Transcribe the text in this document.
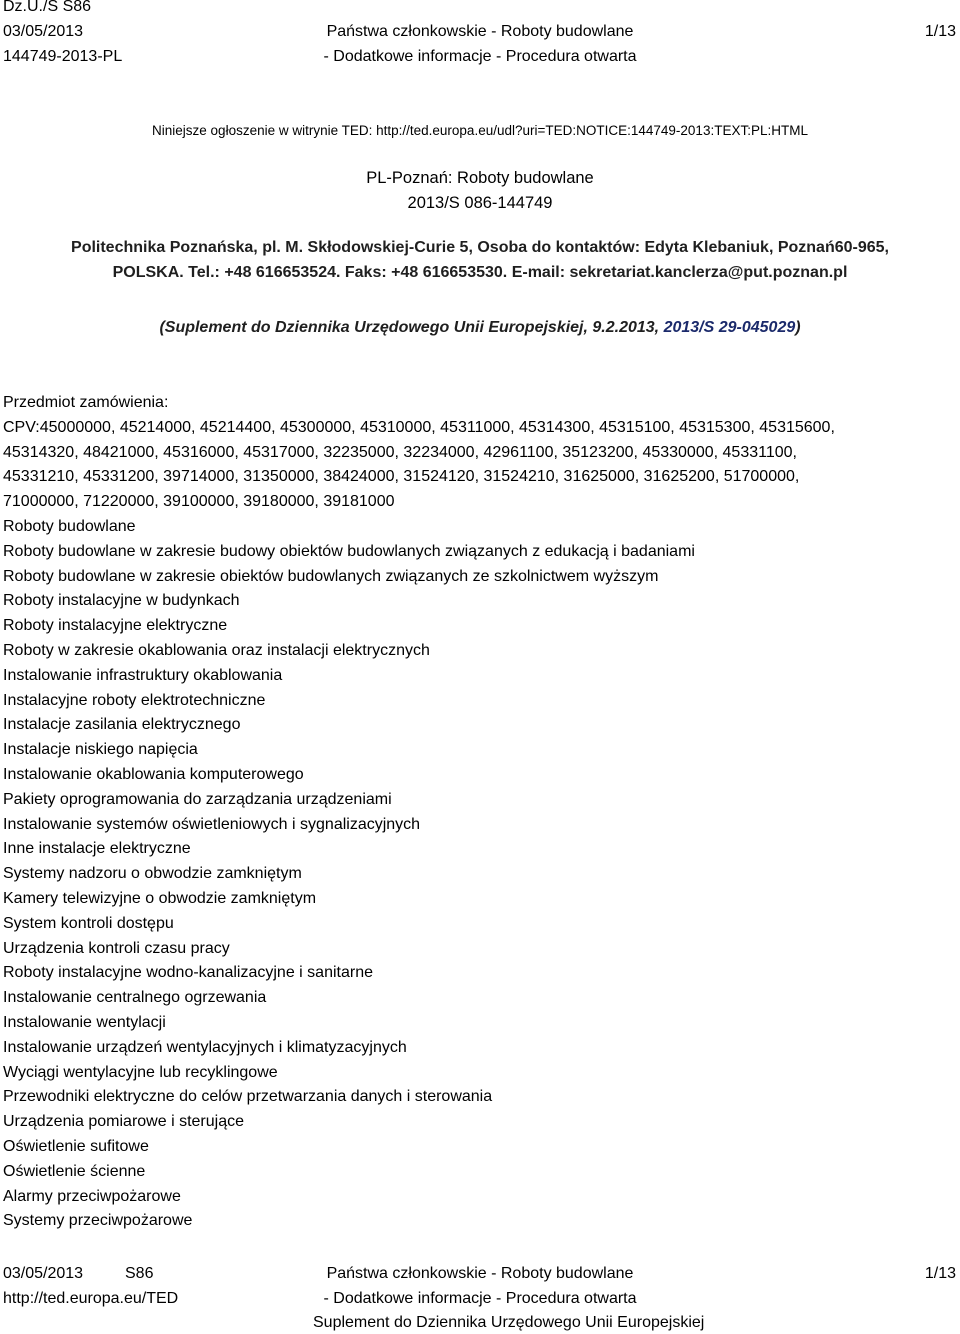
Dz.U./S S86
03/05/2013
144749-2013-PL
Państwa członkowskie - Roboty budowlane
- Dodatkowe informacje - Procedura otwarta
1/13
Niniejsze ogłoszenie w witrynie TED: http://ted.europa.eu/udl?uri=TED:NOTICE:144749-2013:TEXT:PL:HTML
PL-Poznań: Roboty budowlane
2013/S 086-144749
Politechnika Poznańska, pl. M. Skłodowskiej-Curie 5, Osoba do kontaktów: Edyta Klebaniuk, Poznań60-965,
POLSKA. Tel.: +48 616653524. Faks: +48 616653530. E-mail: sekretariat.kanclerza@put.poznan.pl
(Suplement do Dziennika Urzędowego Unii Europejskiej, 9.2.2013, 2013/S 29-045029)
Przedmiot zamówienia:
CPV:45000000, 45214000, 45214400, 45300000, 45310000, 45311000, 45314300, 45315100, 45315300, 45315600,
45314320, 48421000, 45316000, 45317000, 32235000, 32234000, 42961100, 35123200, 45330000, 45331100,
45331210, 45331200, 39714000, 31350000, 38424000, 31524120, 31524210, 31625000, 31625200, 51700000,
71000000, 71220000, 39100000, 39180000, 39181000
Roboty budowlane
Roboty budowlane w zakresie budowy obiektów budowlanych związanych z edukacją i badaniami
Roboty budowlane w zakresie obiektów budowlanych związanych ze szkolnictwem wyższym
Roboty instalacyjne w budynkach
Roboty instalacyjne elektryczne
Roboty w zakresie okablowania oraz instalacji elektrycznych
Instalowanie infrastruktury okablowania
Instalacyjne roboty elektrotechniczne
Instalacje zasilania elektrycznego
Instalacje niskiego napięcia
Instalowanie okablowania komputerowego
Pakiety oprogramowania do zarządzania urządzeniami
Instalowanie systemów oświetleniowych i sygnalizacyjnych
Inne instalacje elektryczne
Systemy nadzoru o obwodzie zamkniętym
Kamery telewizyjne o obwodzie zamkniętym
System kontroli dostępu
Urządzenia kontroli czasu pracy
Roboty instalacyjne wodno-kanalizacyjne i sanitarne
Instalowanie centralnego ogrzewania
Instalowanie wentylacji
Instalowanie urządzeń wentylacyjnych i klimatyzacyjnych
Wyciągi wentylacyjne lub recyklingowe
Przewodniki elektryczne do celów przetwarzania danych i sterowania
Urządzenia pomiarowe i sterujące
Oświetlenie sufitowe
Oświetlenie ścienne
Alarmy przeciwpożarowe
Systemy przeciwpożarowe
03/05/2013	S86
http://ted.europa.eu/TED
Państwa członkowskie - Roboty budowlane
- Dodatkowe informacje - Procedura otwarta
Suplement do Dziennika Urzędowego Unii Europejskiej
1/13
